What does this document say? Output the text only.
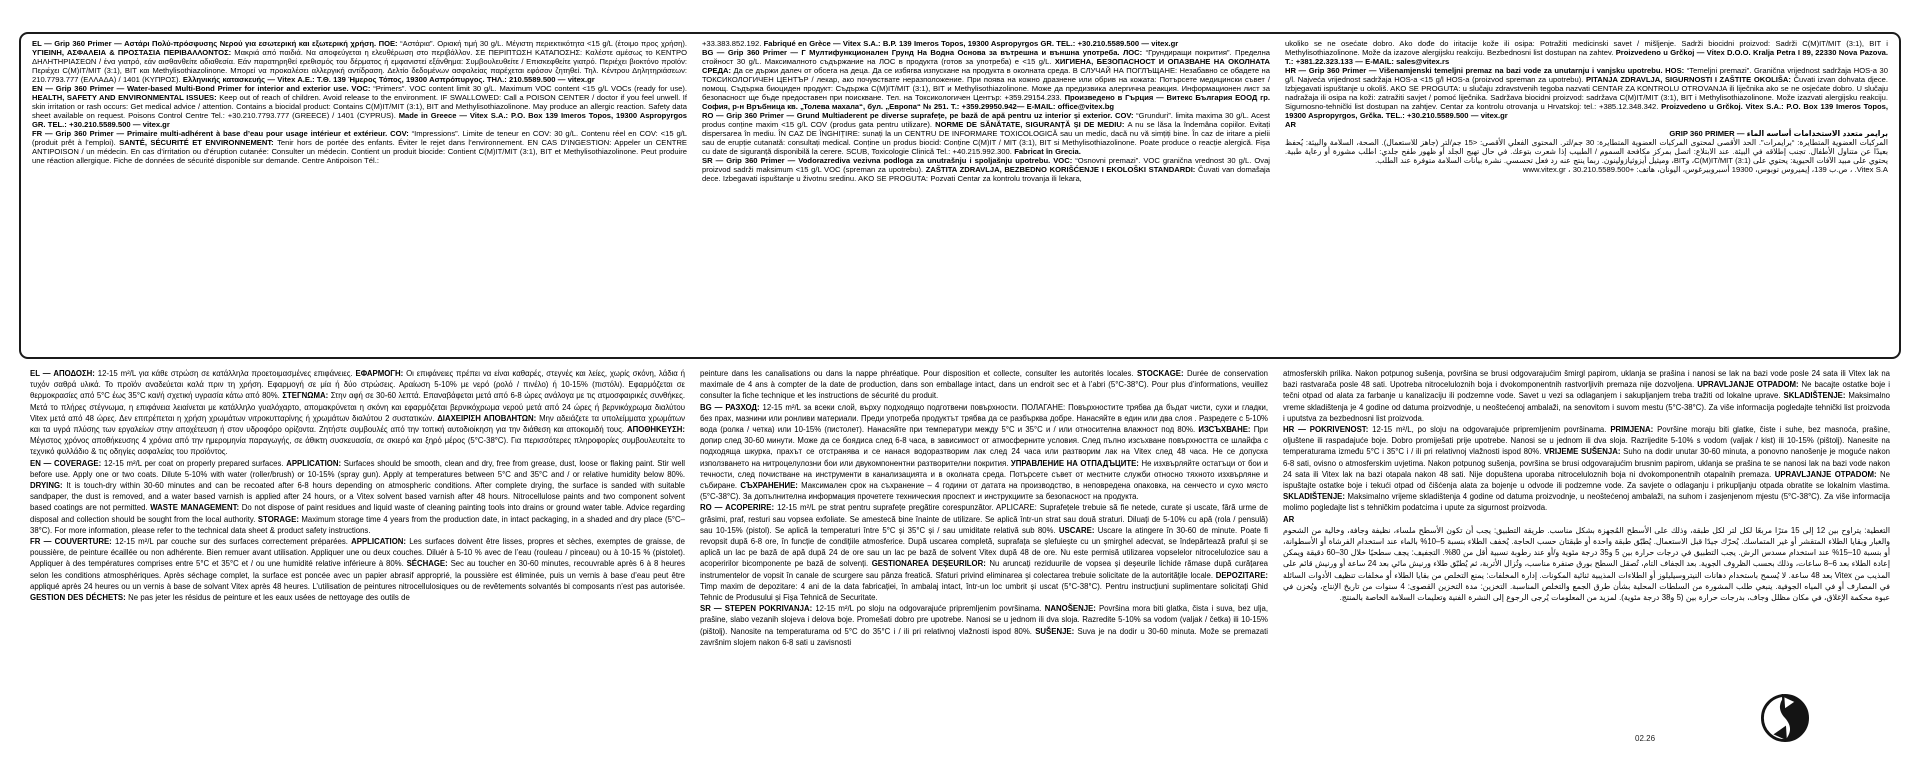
EL — Grip 360 Primer — Αστάρι Πολύ-πρόσφυσης Νερού για εσωτερική και εξωτερική χρήση. ΠΟΕ: “Αστάρια”. Οριακή τιμή 30 g/L. Μέγιστη περιεκτικότητα <15 g/L (έτοιμο προς χρήση). ΥΓΙΕΙΝΗ, ΑΣΦΑΛΕΙΑ & ΠΡΟΣΤΑΣΙΑ ΠΕΡΙΒΑΛΛΟΝΤΟΣ: Μακριά από παιδιά. Να αποφεύγεται η ελευθέρωση στο περιβάλλον. ΣΕ ΠΕΡΙΠΤΩΣΗ ΚΑΤΑΠΟΣΗΣ: Καλέστε αμέσως το ΚΕΝΤΡΟ ΔΗΛΗΤΗΡΙΑΣΕΩΝ / ένα γιατρό, εάν αισθανθείτε αδιαθεσία. Εάν παρατηρηθεί ερεθισμός του δέρματος ή εμφανιστεί εξάνθημα: Συμβουλευθείτε / Επισκεφθείτε γιατρό. Περιέχει βιοκτόνο προϊόν: Περιέχει C(M)IT/MIT (3:1), BIT και Methylisothiazolinone. Μπορεί να προκαλέσει αλλεργική αντίδραση. Δελτίο δεδομένων ασφαλείας παρέχεται εφόσον ζητηθεί. Τηλ. Κέντρου Δηλητηριάσεων: 210.7793.777 (ΕΛΛΑΔΑ) / 1401 (ΚΥΠΡΟΣ). Ελληνικής κατασκευής — Vitex A.E.: Τ.Θ. 139 Ήμερος Τόπος, 19300 Ασπρόπυργος. ΤΗΛ.: 210.5589.500 — vitex.gr

EN — Grip 360 Primer — Water-based Multi-Bond Primer for interior and exterior use. VOC: “Primers”. VOC content limit 30 g/L. Maximum VOC content <15 g/L VOCs (ready for use). HEALTH, SAFETY AND ENVIRONMENTAL ISSUES: Keep out of reach of children. Avoid release to the environment. IF SWALLOWED: Call a POISON CENTER / doctor if you feel unwell. If skin irritation or rash occurs: Get medical advice / attention. Contains a biocidal product: Contains C(M)IT/MIT (3:1), BIT and Methylisothiazolinone. May produce an allergic reaction. Safety data sheet available on request. Poisons Control Centre Tel.: +30.210.7793.777 (GREECE) / 1401 (CYPRUS). Made in Greece — Vitex S.A.: P.O. Box 139 Imeros Topos, 19300 Aspropyrgos GR. TEL.: +30.210.5589.500 — vitex.gr

FR — Grip 360 Primer — Primaire multi-adhérent à base d’eau pour usage intérieur et extérieur. COV: “Impressions”. Limite de teneur en COV: 30 g/L. Contenu réel en COV: <15 g/L (produit prêt à l’emploi). SANTÉ, SÉCURITÉ ET ENVIRONNEMENT: Tenir hors de portée des enfants. Éviter le rejet dans l’environnement. EN CAS D'INGESTION: Appeler un CENTRE ANTIPOISON / un médecin. En cas d’irritation ou d’éruption cutanée: Consulter un médecin. Contient un produit biocide: Contient C(M)IT/MIT (3:1), BIT et Methylisothiazolinone. Peut produire une réaction allergique. Fiche de données de sécurité disponible sur demande. Centre Antipoison Tél.:

+33.383.852.192. Fabriqué en Grèce — Vitex S.A.: B.P. 139 Imeros Topos, 19300 Aspropyrgos GR. TEL.: +30.210.5589.500 — vitex.gr

BG — Grip 360 Primer — Г Мултифункционален Грунд На Водна Основа за вътрешна и външна употреба. ЛОС: “Грундиращи покрития”. Пределна стойност 30 g/L. Максималното съдържание на ЛОС в продукта (готов за употреба) е <15 g/L. ХИГИЕНА, БЕЗОПАСНОСТ И ОПАЗВАНЕ НА ОКОЛНАТА СРЕДА: Да се държи далеч от обсега на деца. Да се избягва изпускане на продукта в околната среда. В СЛУЧАЙ НА ПОГЛЪЩАНЕ: Незабавно се обадете на ТОКСИКОЛОГИЧЕН ЦЕНТЪР / лекар, ако почувствате неразположение. При поява на кожно дразнене или обрив на кожата: Потърсете медицински съвет / помощ. Съдържа биоциден продукт: Съдържа C(M)IT/MIT (3:1), BIT и Methylisothiazolinone. Може да предизвика алергична реакция. Информационен лист за безопасност ще бъде предоставен при поискване. Тел. на Токсикологичен Център: +359.29154.233. Произведено в Гърция — Витекс България ЕООД гр. София, р-н Връбница кв. „Толева махала“, бул. „Европа“ № 251. Т.: +359.29950.942— E-MAIL: office@vitex.bg

RO — Grip 360 Primer — Grund Multiaderent pe diverse suprafețe, pe bază de apă pentru uz interior și exterior. COV: “Grunduri”. limita maxima 30 g/L. Acest produs conține maxim <15 g/L COV (produs gata pentru utilizare). NORME DE SĂNĂTATE, SIGURANȚĂ ȘI DE MEDIU: A nu se lăsa la îndemâna copiilor. Evitați dispersarea în mediu. ÎN CAZ DE ÎNGHIȚIRE: sunați la un CENTRU DE INFORMARE TOXICOLOGICĂ sau un medic, dacă nu vă simțiți bine. În caz de iritare a pielii sau de erupție cutanată: consultați medical. Conține un produs biocid: Conține C(M)IT / MIT (3:1), BIT si Methylisothiazolinone. Poate produce o reacție alergică. Fișa cu date de siguranță disponibilă la cerere. SCUB, Toxicologie Clinică Tel.: +40.215.992.300. Fabricat în Grecia.

SR — Grip 360 Primer — Vodorazrediva vezivna podloga za unutrašnju i spoljašnju upotrebu. VOC: “Osnovni premazi”. VOC granična vrednost 30 g/L. Ovaj proizvod sadrži maksimum <15 g/L VOC (spreman za upotrebu). ZAŠTITA ZDRAVLJA, BEZBEDNO KORIŠĆENJE I EKOLOŠKI STANDARDI: Čuvati van domašaja dece. Izbegavati ispuštanje u životnu sredinu. AKO SE PROGUTA: Pozvati Centar za kontrolu trovanja ili lekara,

ukoliko se ne osećate dobro. Ako dođe do iritacije kože ili osipa: Potražiti medicinski savet / mišljenje. Sadrži biocidni proizvod: Sadrži C(M)IT/MIT (3:1), BIT i Methylisothiazolinone. Može da izazove alergijsku reakciju. Bezbednosni list dostupan na zahtev. Proizvedeno u Grčkoj — Vitex D.O.O. Kralja Petra I 89, 22330 Nova Pazova. T.: +381.22.323.133 — E-MAIL: sales@vitex.rs

HR — Grip 360 Primer — Višenamjenski temeljni premaz na bazi vode za unutarnju i vanjsku upotrebu. HOS: “Temeljni premazi”. Granična vrijednost sadržaja HOS-a 30 g/l. Najveća vrijednost sadržaja HOS-a <15 g/l HOS-a (proizvod spreman za upotrebu). PITANJA ZDRAVLJA, SIGURNOSTI I ZAŠTITE OKOLIŠA: Čuvati izvan dohvata djece. Izbjegavati ispuštanje u okoliš. AKO SE PROGUTA: u slučaju zdravstvenih tegoba nazvati CENTAR ZA KONTROLU OTROVANJA ili liječnika ako se ne osjećate dobro. U slučaju nadražaja ili osipa na koži: zatražiti savjet / pomoć liječnika. Sadržava biocidni proizvod: sadržava C(M)IT/MIT (3:1), BIT i Methylisothiazolinone. Može izazvati alergijsku reakciju. Sigurnosno-tehnički list dostupan na zahtjev. Centar za kontrolu otrovanja u Hrvatskoj: tel.: +385.12.348.342. Proizvedeno u Grčkoj. Vitex S.A.: P.O. Box 139 Imeros Topos, 19300 Aspropyrgos, Grčka. TEL.: +30.210.5589.500 — vitex.gr

AR

برايمر متعدد الاستخدامات أساسه الماء — GRIP 360 PRIMER

المركبات العضوية المتطايرة: “برايمرات”. الحد الأقصى لمحتوى المركبات العضوية المتطايرة: 30 جم/لتر. المحتوى الفعلي الأقصى: <15 جم/لتر (جاهز للاستعمال). الصحة، السلامة والبيئة: يُحفظ بعيدًا عن متناول الأطفال. تجنب إطلاقه في البيئة. عند الابتلاع: اتصل بمركز مكافحة السموم / الطبيب إذا شعرت بتوعك. في حال تهيج الجلد أو ظهور طفح جلدي: اطلب مشورة أو رعاية طبية. يحتوي على مبيد الآفات الحيوية: يحتوي على C(M)IT/MIT (3:1)، وBIT، وميثيل أيزوثيازولينون. ربما ينتج عنه رد فعل تحسسي. نشرة بيانات السلامة متوفرة عند الطلب.

Vitex S.A. ، ص.ب 139، إيميروس توبوس، 19300 أسبروبيرغوس، اليونان، هاتف: +30.210.5589.500 ، www.vitex.gr

EL — ΑΠΟΔΟΣΗ: 12-15 m²/L για κάθε στρώση σε κατάλληλα προετοιμασμένες επιφάνειες. ΕΦΑΡΜΟΓΗ: Οι επιφάνειες πρέπει να είναι καθαρές, στεγνές και λείες, χωρίς σκόνη, λάδια ή τυχόν σαθρά υλικά. Το προϊόν αναδεύεται καλά πριν τη χρήση. Εφαρμογή σε μία ή δύο στρώσεις. Αραίωση 5-10% με νερό (ρολό / πινέλο) ή 10-15% (πιστόλι). Εφαρμόζεται σε θερμοκρασίες από 5°C έως 35°C και/ή σχετική υγρασία κάτω από 80%. ΣΤΕΓΝΩΜΑ: Στην αφή σε 30-60 λεπτά. Επαναβάφεται μετά από 6-8 ώρες ανάλογα με τις ατμοσφαιρικές συνθήκες. Μετά το πλήρες στέγνωμα, η επιφάνεια λειαίνεται με κατάλληλο γυαλόχαρτο, απομακρύνεται η σκόνη και εφαρμόζεται βερνικόχρωμα νερού μετά από 24 ώρες ή βερνικόχρωμα διαλύτου Vitex μετά από 48 ώρες. Δεν επιτρέπεται η χρήση χρωμάτων νιτροκυτταρίνης ή χρωμάτων διαλύτου 2 συστατικών. ΔΙΑΧΕΙΡΙΣΗ ΑΠΟΒΛΗΤΩΝ: Μην αδειάζετε τα υπολείμματα χρωμάτων και τα υγρά πλύσης των εργαλείων στην αποχέτευση ή στον υδροφόρο ορίζοντα. Ζητήστε συμβουλές από την τοπική αυτοδιοίκηση για την διάθεση και αποκομιδή τους. ΑΠΟΘΗΚΕΥΣΗ: Μέγιστος χρόνος αποθήκευσης 4 χρόνια από την ημερομηνία παραγωγής, σε άθικτη συσκευασία, σε σκιερό και ξηρό μέρος (5°C-38°C). Για περισσότερες πληροφορίες συμβουλευτείτε το τεχνικό φυλλάδιο & τις οδηγίες ασφαλείας του προϊόντος.

EN — COVERAGE: 12-15 m²/L per coat on properly prepared surfaces. APPLICATION: Surfaces should be smooth, clean and dry, free from grease, dust, loose or flaking paint. Stir well before use. Apply one or two coats. Dilute 5-10% with water (roller/brush) or 10-15% (spray gun). Apply at temperatures between 5°C and 35°C and / or relative humidity below 80%. DRYING: It is touch-dry within 30-60 minutes and can be recoated after 6-8 hours depending on atmospheric conditions. After complete drying, the surface is sanded with suitable sandpaper, the dust is removed, and a water based varnish is applied after 24 hours, or a Vitex solvent based varnish after 48 hours. Nitrocellulose paints and two component solvent based coatings are not permitted. WASTE MANAGEMENT: Do not dispose of paint residues and liquid waste of cleaning painting tools into drains or ground water table. Advice regarding disposal and collection should be sought from the local authority. STORAGE: Maximum storage time 4 years from the production date, in intact packaging, in a shaded and dry place (5°C–38°C). For more information, please refer to the technical data sheet & product safety instructions.

FR — COUVERTURE: 12-15 m²/L par couche sur des surfaces correctement préparées. APPLICATION: Les surfaces doivent être lisses, propres et sèches, exemptes de graisse, de poussière, de peinture écaillée ou non adhérente. Bien remuer avant utilisation. Appliquer une ou deux couches. Diluér à 5-10 % avec de l’eau (rouleau / pinceau) ou à 10-15 % (pistolet). Appliquer à des températures comprises entre 5°C et 35°C et / ou une humidité relative inférieure à 80%. SÉCHAGE: Sec au toucher en 30-60 minutes, recouvrable après 6 à 8 heures selon les conditions atmosphériques. Après séchage complet, la surface est poncée avec un papier abrasif approprié, la poussière est éliminée, puis un vernis à base d’eau peut être appliqué après 24 heures ou un vernis à base de solvant Vitex après 48 heures. L’utilisation de peintures nitrocellulosiques ou de revêtements solvantés bi composants n’est pas autorisée. GESTION DES DÉCHETS: Ne pas jeter les résidus de peinture et les eaux usées de nettoyage des outils de

peinture dans les canalisations ou dans la nappe phréatique. Pour disposition et collecte, consulter les autorités locales. STOCKAGE: Durée de conservation maximale de 4 ans à compter de la date de production, dans son emballage intact, dans un endroit sec et à l’abri (5°C-38°C). Pour plus d’informations, veuillez consulter la fiche technique et les instructions de sécurité du produit.

BG — РАЗХОД: 12-15 m²/L за всеки слой, върху подходящо подготвени повърхности. ПОЛАГАНЕ: Повърхностите трябва да бъдат чисти, сухи и гладки, без прах, мазнини или ронливи материали. Преди употреба продуктът трябва да се разбърква добре. Нанасяйте в един или два слоя . Разредете с 5-10% вода (ролка / четка) или 10-15% (пистолет). Нанасяйте при температури между 5°C и 35°C и / или относителна влажност под 80%. ИЗСЪХВАНЕ: При допир след 30-60 минути. Може да се боядиса след 6-8 часа, в зависимост от атмосферните условия. След пълно изсъхване повърхността се шлайфа с подходяща шкурка, прахът се отстранява и се нанася водоразтворим лак след 24 часа или разтворим лак на Vitex след 48 часа. Не се допуска използването на нитроцелулозни бои или двукомпонентни разтворителни покрития. УПРАВЛЕНИЕ НА ОТПАДЪЦИТЕ: Не изхвърляйте остатъци от бои и течности, след почистване на инструменти в канализацията и в околната среда. Потърсете съвет от местните служби относно тяхното изхвърляне и събиране. СЪХРАНЕНИЕ: Максимален срок на съхранение – 4 години от датата на производство, в неповредена опаковка, на сенчесто и сухо място (5°C-38°C). За допълнителна информация прочетете техническия проспект и инструкциите за безопасност на продукта.

RO — ACOPERIRE: 12-15 m²/L pe strat pentru suprafețe pregătire corespunzător. APLICARE: Suprafețele trebuie să fie netede, curate și uscate, fără urme de grăsimi, praf, resturi sau vopsea exfoliate. Se amestecă bine înainte de utilizare. Se aplică într-un strat sau două straturi. Diluați de 5-10% cu apă (rola / pensulă) sau 10-15% (pistol). Se aplică la temperaturi între 5°C și 35°C și / sau umiditate relativă sub 80%. USCARE: Uscare la atingere în 30-60 de minute. Poate fi revopsit după 6-8 ore, în funcție de condițiile atmosferice. După uscarea completă, suprafața se șlefuiește cu un șmirghel adecvat, se îndepărtează praful și se aplică un lac pe bază de apă după 24 de ore sau un lac pe bază de solvent Vitex după 48 de ore. Nu este permisă utilizarea vopselelor nitrocelulozice sau a acoperirilor bicomponente pe bază de solvenți. GESTIONAREA DEȘEURILOR: Nu aruncați reziduurile de vopsea și deșeurile lichide rămase după curățarea instrumentelor de vopsit în canale de scurgere sau pânza freatică. Sfaturi privind eliminarea și colectarea trebuie solicitate de la autoritățile locale. DEPOZITARE: Timp maxim de depozitare: 4 ani de la data fabricației, în ambalaj intact, într-un loc umbrit și uscat (5°C-38°C). Pentru instrucțiuni suplimentare solicitați Ghid Tehnic de Produsului și Fișa Tehnică de Securitate.

SR — STEPEN POKRIVANJA: 12-15 m²/L po sloju na odgovarajuće pripremljenim površinama. NANOŠENJE: Površina mora biti glatka, čista i suva, bez ulja, prašine, slabo vezanih slojeva i delova boje. Promešati dobro pre upotrebe. Nanosi se u jednom ili dva sloja. Razredite 5-10% sa vodom (valjak / četka) ili 10-15% (pištolj). Nanosite na temperaturama od 5°C do 35°C i / ili pri relativnoj vlažnosti ispod 80%. SUŠENJE: Suva je na dodir u 30-60 minuta. Može se premazati završnim slojem nakon 6-8 sati u zavisnosti

atmosferskih prilika. Nakon potpunog sušenja, površina se brusi odgovarajućim šmirgl papirom, uklanja se prašina i nanosi se lak na bazi vode posle 24 sata ili Vitex lak na bazi rastvarača posle 48 sati. Upotreba nitroceluloznih boja i dvokomponentnih rastvorljivih premaza nije dozvoljena. UPRAVLJANJE OTPADOM: Ne bacajte ostatke boje i tečni otpad od alata za farbanje u kanalizaciju ili podzemne vode. Savet u vezi sa odlaganjem i sakupljanjem treba tražiti od lokalne uprave. SKLADIŠTENJE: Maksimalno vreme skladištenja je 4 godine od datuma proizvodnje, u neoštećenoj ambalaži, na senovitom i suvom mestu (5°C-38°C). Za više informacija pogledajte tehnički list proizvoda i uputstva za bezbednosni list proizvoda.

HR — POKRIVENOST: 12-15 m²/L, po sloju na odgovarajuće pripremljenim površinama. PRIMJENA: Površine moraju biti glatke, čiste i suhe, bez masnoća, prašine, oljuštene ili raspadajuće boje. Dobro promiješati prije upotrebe. Nanosi se u jednom ili dva sloja. Razrijedite 5-10% s vodom (valjak / kist) ili 10-15% (pištolj). Nanesite na temperaturama između 5°C i 35°C i / ili pri relativnoj vlažnosti ispod 80%. VRIJEME SUŠENJA: Suho na dodir unutar 30-60 minuta, a ponovno nanošenje je moguće nakon 6-8 sati, ovisno o atmosferskim uvjetima. Nakon potpunog sušenja, površina se brusi odgovarajućim brusnim papirom, uklanja se prašina te se nanosi lak na bazi vode nakon 24 sata ili Vitex lak na bazi otapala nakon 48 sati. Nije dopuštena uporaba nitroceluloznih boja ni dvokomponentnih otapalnih premaza. UPRAVLJANJE OTPADOM: Ne ispuštajte ostatke boje i tekući otpad od čišćenja alata za bojenje u odvode ili podzemne vode. Za savjete o odlaganju i prikupljanju otpada obratite se lokalnim vlastima. SKLADIŠTENJE: Maksimalno vrijeme skladištenja 4 godine od datuma proizvodnje, u neoštećenoj ambalaži, na suhom i zasjenjenom mjestu (5°C-38°C). Za više informacija molimo pogledajte list s tehničkim podatcima i upute za sigurnost proizvoda.

AR

التغطية: يتراوح بين 12 إلى 15 مترًا مربعًا لكل لتر لكل طبقة، وذلك على الأسطح المُجهزة بشكل مناسب. طريقة التطبيق: يجب أن تكون الأسطح ملساء، نظيفة وجافة، وخالية من الشحوم والغبار وبقايا الطلاء المتقشر أو غير المتماسك. يُحرّك جيدًا قبل الاستعمال. يُطبّق طبقة واحدة أو طبقتان حسب الحاجة. يُخفف الطلاء بنسبة 5–10% بالماء عند استخدام الفرشاة أو الأسطوانة، أو بنسبة 10–15% عند استخدام مسدس الرش. يجب التطبيق في درجات حرارة بين 5 و35 درجة مئوية و/أو عند رطوبة نسبية أقل من 80%. التجفيف: يجف سطحيًا خلال 30–60 دقيقة ويمكن إعادة الطلاء بعد 6–8 ساعات، وذلك بحسب الظروف الجوية. بعد الجفاف التام، تُصقل السطح بورق صنفرة مناسب، وتُزال الأتربة، ثم يُطبّق طلاء ورنيش مائي بعد 24 ساعة أو ورنيش قائم على المذيب من Vitex بعد 48 ساعة. لا يُسمح باستخدام دهانات النيتروسيليلوز أو الطلاءات المذيبية ثنائية المكونات. إدارة المخلفات: يمنع التخلص من بقايا الطلاء أو مخلفات تنظيف الأدوات السائلة في المصارف أو في المياه الجوفية. ينبغي طلب المشورة من السلطات المحلية بشأن طرق الجمع والتخلص المناسبة. التخزين: مدة التخزين القصوى: 4 سنوات من تاريخ الإنتاج، ويُخزن في عبوة محكمة الإغلاق، في مكان مظلل وجاف، بدرجات حرارة بين (5 و38 درجة مئوية). لمزيد من المعلومات يُرجى الرجوع إلى النشرة الفنية وتعليمات السلامة الخاصة بالمنتج.

02.26
